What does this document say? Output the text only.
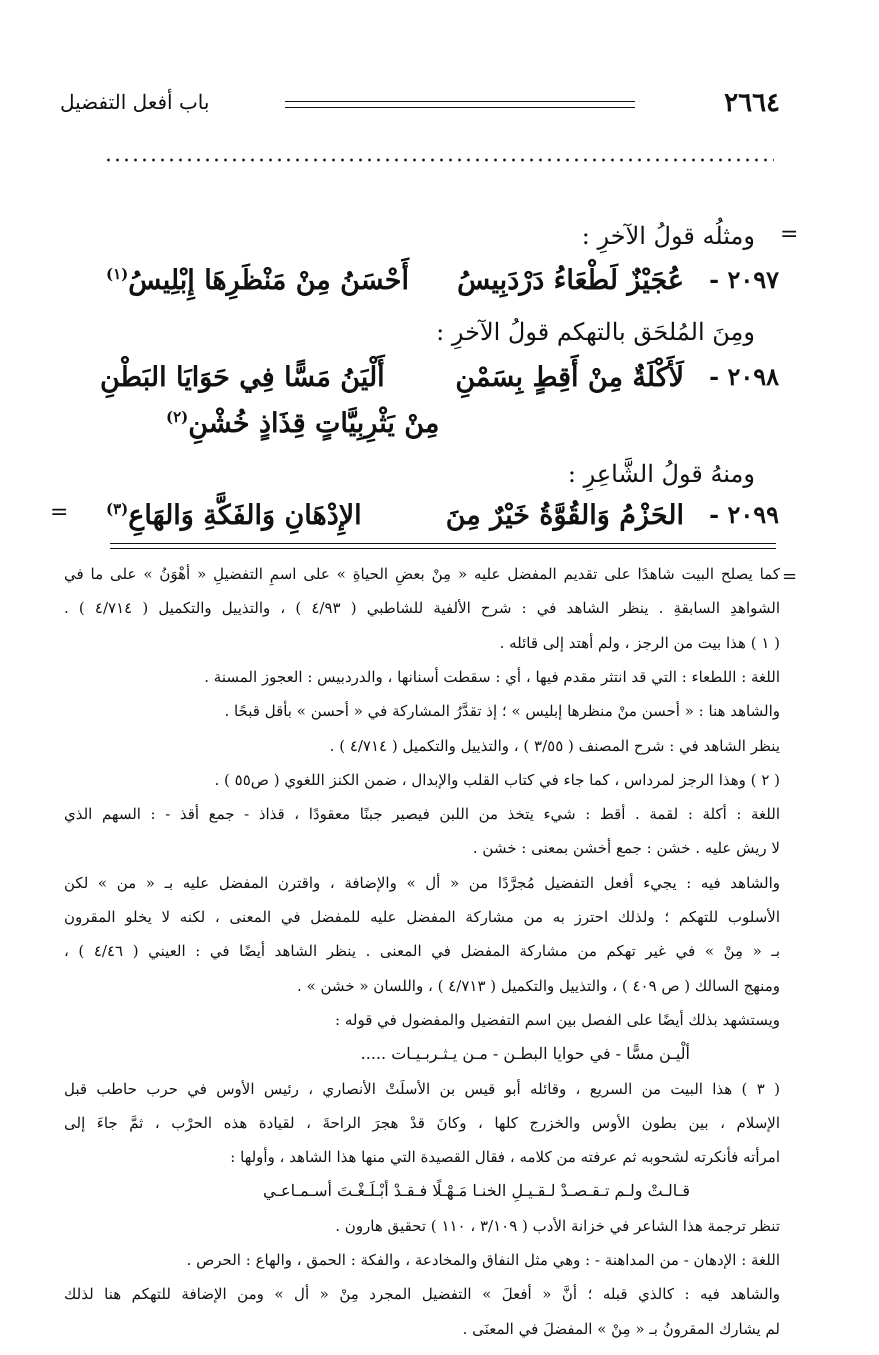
٢٦٦٤
باب أفعل التفضيل
=
ومثلُه قولُ الآخرِ :
٢٠٩٧ -
عُجَيْزٌ لَطْعَاءُ دَرْدَبِيسُ
أَحْسَنُ مِنْ مَنْظَرِهَا إِبْلِيسُ$^{(١)}$
ومِنَ المُلحَق بالتهكم قولُ الآخرِ :
٢٠٩٨ -
لَأَكْلَةٌ مِنْ أَقِطٍ بِسَمْنِ
أَلْيَنُ مَسًّا فِي حَوَايَا البَطْنِ
مِنْ يَثْرِبِيَّاتٍ قِذَاذٍ خُشْنِ$^{(٢)}$
ومنهُ قولُ الشَّاعِرِ :
٢٠٩٩ -
الحَزْمُ وَالقُوَّةُ خَيْرٌ مِنَ
الإِدْهَانِ وَالفَكَّةِ وَالهَاعِ$^{(٣)}$
=
=
كما يصلح البيت شاهدًا على تقديم المفضل عليه « مِنْ بعضِ الحياةِ » على اسمِ التفضيلِ « أهْوَنُ » على ما في
الشواهدِ السابقةِ . ينظر الشاهد في : شرح الألفية للشاطبي ( ٤/٩٣ ) ، والتذييل والتكميل ( ٤/٧١٤ ) .
( ١ ) هذا بيت من الرجز ، ولم أهتد إلى قائله .
اللغة : اللطعاء : التي قد انتثر مقدم فيها ، أي : سقطت أسنانها ، والدردبيس : العجوز المسنة .
والشاهد هنا : « أحسن منْ منظرها إبليس » ؛ إذ تقدَّرُ المشاركة في « أحسن » بأقل قبحًا .
ينظر الشاهد في : شرح المصنف ( ٣/٥٥ ) ، والتذييل والتكميل ( ٤/٧١٤ ) .
( ٢ ) وهذا الرجز لمرداس ، كما جاء في كتاب القلب والإبدال ، ضمن الكنز اللغوي ( ص٥٥ ) .
اللغة : أكلة : لقمة . أقط : شيء يتخذ من اللبن فيصير جبنًا معقودًا ، قذاذ - جمع أقذ - : السهم الذي
لا ريش عليه . خشن : جمع أخشن بمعنى : خشن .
والشاهد فيه : يجيء أفعل التفضيل مُجرَّدًا من « أل » والإضافة ، واقترن المفضل عليه بـ « من » لكن
الأسلوب للتهكم ؛ ولذلك احترز به من مشاركة المفضل عليه للمفضل في المعنى ، لكنه لا يخلو المقرون
بـ « مِنْ » في غير تهكم من مشاركة المفضل في المعنى . ينظر الشاهد أيضًا في : العيني ( ٤/٤٦ ) ،
ومنهج السالك ( ص ٤٠٩ ) ، والتذييل والتكميل ( ٤/٧١٣ ) ، واللسان « خشن » .
ويستشهد بذلك أيضًا على الفصل بين اسم التفضيل والمفضول في قوله :
ألْيـن مسًّا - في حوايا البطـن - مـن يـثـربـيـات .....
( ٣ ) هذا البيت من السريع ، وقائله أبو قيس بن الأسلَتْ الأنصاري ، رئيس الأوس في حرب حاطب قبل
الإسلام ، بين بطون الأوس والخزرج كلها ، وكانَ قدْ هجرَ الراحةَ ، لقيادة هذه الحرْب ، ثمَّ جاءَ إلى
امرأته فأنكرته لشحوبه ثم عرفته من كلامه ، فقال القصيدة التي منها هذا الشاهد ، وأولها :
قـالـتْ ولـم تـقـصـدْ لـقـيـلِ الخنـا مَـهْـلًا فـقـدْ أبْـلَـغْـتَ أسـمـاعـي
تنظر ترجمة هذا الشاعر في خزانة الأدب ( ٣/١٠٩ ، ١١٠ ) تحقيق هارون .
اللغة : الإدهان - من المداهنة - : وهي مثل النفاق والمخادعة ، والفكة : الحمق ، والهاع : الحرص .
والشاهد فيه : كالذي قبله ؛ أنَّ « أفعلَ » التفضيل المجرد مِنْ « أل » ومن الإضافة للتهكم هنا لذلك
لم يشارك المقرونُ بـ « مِنْ » المفضلَ في المعنَى .
